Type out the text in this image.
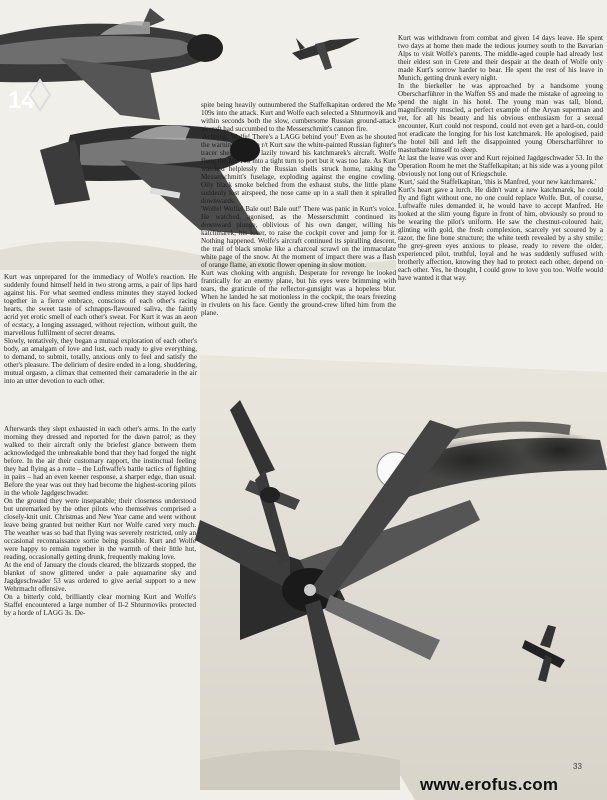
14

Kurt was unprepared for the immediacy of Wolfe's reaction. He suddenly found himself held in two strong arms, a pair of lips hard against his. For what seemed endless minutes they stayed locked together in a fierce embrace, conscious of each other's racing hearts, the sweet taste of schnapps-flavoured saliva, the faintly acrid yet erotic smell of each other's sweat. For Kurt it was an aeon of ecstacy, a longing assuaged, without rejection, without guilt, the marvellous fulfilment of secret dreams.

Slowly, tentatively, they began a mutual exploration of each other's body, an amalgam of love and lust, each ready to give everything, to demand, to submit, totally, anxious only to feel and satisfy the other's pleasure. The delirium of desire ended in a long, shuddering, mutual orgasm, a climax that cemented their camaraderie in the air into an utter devotion to each other.

Afterwards they slept exhausted in each other's arms. In the early morning they dressed and reported for the dawn patrol; as they walked to their aircraft only the briefest glance between them acknowledged the unbreakable bond that they had forged the night before. In the air their customary rapport, the instinctual feeling they had flying as a rotte – the Luftwaffe's battle tactics of fighting in pairs – had an even keener response, a sharper edge, than usual. Before the year was out they had become the highest-scoring pilots in the whole Jagdgeschwader.

On the ground they were inseparable; their closeness understood but unremarked by the other pilots who themselves comprised a closely-knit unit. Christmas and New Year came and went without leave being granted but neither Kurt nor Wolfe cared very much. The weather was so bad that flying was severely restricted, only an occasional reconnaissance sortie being possible. Kurt and Wolfe were happy to remain together in the warmth of their little hut, reading, occasionally getting drunk, frequently making love.

At the end of January the clouds cleared, the blizzards stopped, the blanket of snow glittered under a pale aquamarine sky and Jagdgeschwader 53 was ordered to give aerial support to a new Wehrmacht offensive.

On a bitterly cold, brilliantly clear morning Kurt and Wolfe's Staffel encountered a large number of Il-2 Shturmoviks protected by a horde of LAGG 3s. De-

spite being heavily outnumbered the Staffelkapitan ordered the Me 109s into the attack. Kurt and Wolfe each selected a Shturmovik and within seconds both the slow, cumbersome Russian ground-attack aircraft had succumbed to the Messerschmitt's cannon fire.

'Achtung, Wolfe! There's a LAGG behind you!' Even as he shouted the warning over the r/t Kurt saw the white-painted Russian fighter's tracer shells stream lazily toward his katchmarek's aircraft. Wolfe flung the Me 109 into a tight turn to port but it was too late. As Kurt watched helplessly the Russian shells struck home, raking the Messerschmitt's fuselage, exploding against the engine cowling. Oily black smoke belched from the exhaust stubs, the little plane suddenly lost airspeed, the nose came up in a stall then it spiralled downwards.

'Wolfe! Wolfe! Bale out! Bale out!' There was panic in Kurt's voice. He watched, agonised, as the Messerschmitt continued its downward plunge, oblivious of his own danger, willing his katchmarek, his lover, to raise the cockpit cover and jump for it. Nothing happened. Wolfe's aircraft continued its spiralling descent, the trail of black smoke like a charcoal scrawl on the immaculate white page of the snow. At the moment of impact there was a flash of orange flame, an exotic flower opening in slow motion.

Kurt was choking with anguish. Desperate for revenge he looked frantically for an enemy plane, but his eyes were brimming with tears, the graticule of the reflector-gunsight was a hopeless blur. When he landed he sat motionless in the cockpit, the tears freezing in rivulets on his face. Gently the ground-crew lifted him from the plane.

Kurt was withdrawn from combat and given 14 days leave. He spent two days at home then made the tedious journey south to the Bavarian Alps to visit Wolfe's parents. The middle-aged couple had already lost their eldest son in Crete and their despair at the death of Wolfe only made Kurt's sorrow harder to bear. He spent the rest of his leave in Munich, getting drunk every night.

In the bierkeller he was approached by a handsome young Oberscharführer in the Waffen SS and made the mistake of agreeing to spend the night in his hotel. The young man was tall, blond, magnificently muscled, a perfect example of the Aryan superman and yet, for all his beauty and his obvious enthusiasm for a sexual encounter, Kurt could not respond, could not even get a hard-on, could not eradicate the longing for his lost katchmarek. He apologised, paid the hotel bill and left the disappointed young Oberscharführer to masturbate himself to sleep.

At last the leave was over and Kurt rejoined Jagdgeschwader 53. In the Operation Room he met the Staffelkapitan; at his side was a young pilot obviously not long out of Kriegschule.

'Kurt,' said the Staffelkapitan, 'this is Manfred, your new katchmarek.'

Kurt's heart gave a lurch. He didn't want a new katchmarek, he could fly and fight without one, no one could replace Wolfe. But, of course, Luftwaffe rules demanded it, he would have to accept Manfred. He looked at the slim young figure in front of him, obviously so proud to be wearing the pilot's uniform. He saw the chestnut-coloured hair, glinting with gold, the fresh complexion, scarcely yet scoured by a razor, the fine bone structure; the white teeth revealed by a shy smile; the grey-green eyes anxious to please, ready to revere the older, experienced pilot, truthful, loyal and he was suddenly suffused with brotherly affection, knowing they had to protect each other, depend on each other. Yes, he thought, I could grow to love you too. Wolfe would have wanted it that way.

33
www.erofus.com
